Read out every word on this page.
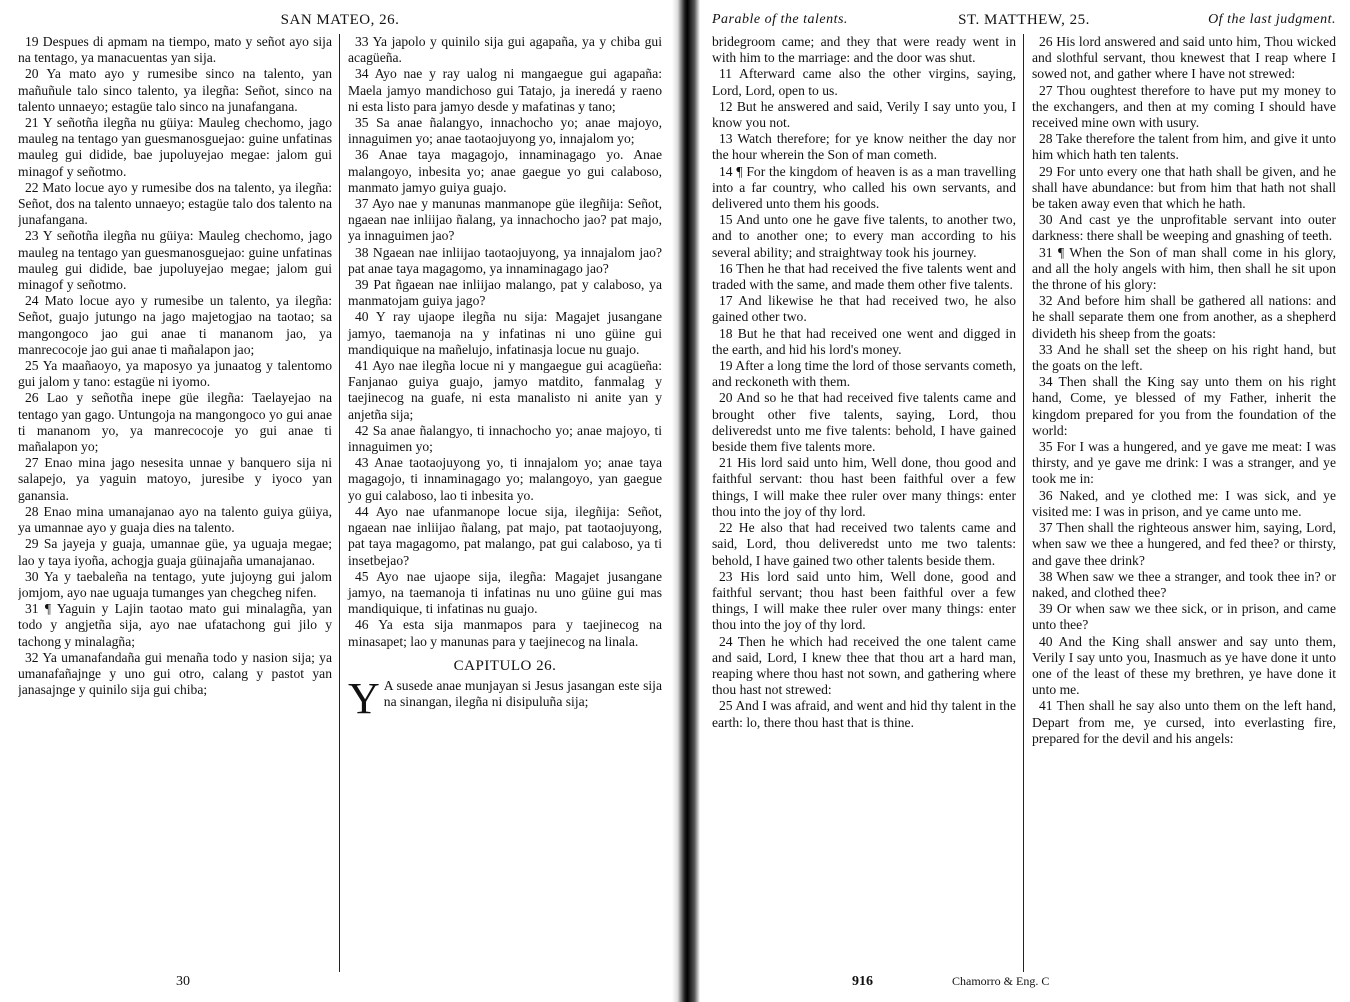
SAN MATEO, 26.

19 Despues di apmam na tiempo, mato y señot ayo sija na tentago, ya manacuentas yan sija.

20 Ya mato ayo y rumesibe sinco na talento, yan mañuñule talo sinco talento, ya ilegña: Señot, sinco na talento unnaeyo; estagüe talo sinco na junafangana.

21 Y señotña ilegña nu güiya: Mauleg chechomo, jago mauleg na tentago yan guesmanosguejao: guine unfatinas mauleg gui didide, bae jupoluyejao megae: jalom gui minagof y señotmo.

22 Mato locue ayo y rumesibe dos na talento, ya ilegña: Señot, dos na talento unnaeyo; estagüe talo dos talento na junafangana.

23 Y señotña ilegña nu güiya: Mauleg chechomo, jago mauleg na tentago yan guesmanosguejao: guine unfatinas mauleg gui didide, bae jupoluyejao megae; jalom gui minagof y señotmo.

24 Mato locue ayo y rumesibe un talento, ya ilegña: Señot, guajo jutungo na jago majetogjao na taotao; sa mangongoco jao gui anae ti mananom jao, ya manrecocoje jao gui anae ti mañalapon jao;

25 Ya maañaoyo, ya maposyo ya junaatog y talentomo gui jalom y tano: estagüe ni iyomo.

26 Lao y señotña inepe güe ilegña: Taelayejao na tentago yan gago. Untungoja na mangongoco yo gui anae ti mananom yo, ya manrecocoje yo gui anae ti mañalapon yo;

27 Enao mina jago nesesita unnae y banquero sija ni salapejo, ya yaguin matoyo, juresibe y iyoco yan ganansia.

28 Enao mina umanajanao ayo na talento guiya güiya, ya umannae ayo y guaja dies na talento.

29 Sa jayeja y guaja, umannae güe, ya uguaja megae; lao y taya iyoña, achogja guaja güinajaña umanajanao.

30 Ya y taebaleña na tentago, yute jujoyng gui jalom jomjom, ayo nae uguaja tumanges yan chegcheg nifen.

31 ¶ Yaguin y Lajin taotao mato gui minalagña, yan todo y angjetña sija, ayo nae ufatachong gui jilo y tachong y minalagña;

32 Ya umanafandaña gui menaña todo y nasion sija; ya umanafañajnge y uno gui otro, calang y pastot yan janasajnge y quinilo sija gui chiba;

33 Ya japolo y quinilo sija gui agapaña, ya y chiba gui acagüeña.

34 Ayo nae y ray ualog ni mangaegue gui agapaña: Maela jamyo mandichoso gui Tatajo, ja ineredá y raeno ni esta listo para jamyo desde y mafatinas y tano;

35 Sa anae ñalangyo, innachocho yo; anae majoyo, innaguimen yo; anae taotaojuyong yo, innajalom yo;

36 Anae taya magagojo, innaminagago yo. Anae malangoyo, inbesita yo; anae gaegue yo gui calaboso, manmato jamyo guiya guajo.

37 Ayo nae y manunas manmanope güe ilegñija: Señot, ngaean nae inliijao ñalang, ya innachocho jao? pat majo, ya innaguimen jao?

38 Ngaean nae inliijao taotaojuyong, ya innajalom jao? pat anae taya magagomo, ya innaminagago jao?

39 Pat ñgaean nae inliijao malango, pat y calaboso, ya manmatojam guiya jago?

40 Y ray ujaope ilegña nu sija: Magajet jusangane jamyo, taemanoja na y infatinas ni uno güine gui mandiquique na mañelujo, infatinasja locue nu guajo.

41 Ayo nae ilegña locue ni y mangaegue gui acagüeña: Fanjanao guiya guajo, jamyo matdito, fanmalag y taejinecog na guafe, ni esta manalisto ni anite yan y anjetña sija;

42 Sa anae ñalangyo, ti innachocho yo; anae majoyo, ti innaguimen yo;

43 Anae taotaojuyong yo, ti innajalom yo; anae taya magagojo, ti innaminagago yo; malangoyo, yan gaegue yo gui calaboso, lao ti inbesita yo.

44 Ayo nae ufanmanope locue sija, ilegñija: Señot, ngaean nae inliijao ñalang, pat majo, pat taotaojuyong, pat taya magagomo, pat malango, pat gui calaboso, ya ti insetbejao?

45 Ayo nae ujaope sija, ilegña: Magajet jusangane jamyo, na taemanoja ti infatinas nu uno güine gui mas mandiquique, ti infatinas nu guajo.

46 Ya esta sija manmapos para y taejinecog na minasapet; lao y manunas para y taejinecog na linala.

CAPITULO 26.

Y A susede anae munjayan si Jesus jasangan este sija na sinangan, ilegña ni disipuluña sija;

30
Parable of the talents.	ST. MATTHEW, 25.	Of the last judgment.

bridegroom came; and they that were ready went in with him to the marriage: and the door was shut.

11 Afterward came also the other virgins, saying, Lord, Lord, open to us.

12 But he answered and said, Verily I say unto you, I know you not.

13 Watch therefore; for ye know neither the day nor the hour wherein the Son of man cometh.

14 ¶ For the kingdom of heaven is as a man travelling into a far country, who called his own servants, and delivered unto them his goods.

15 And unto one he gave five talents, to another two, and to another one; to every man according to his several ability; and straightway took his journey.

16 Then he that had received the five talents went and traded with the same, and made them other five talents.

17 And likewise he that had received two, he also gained other two.

18 But he that had received one went and digged in the earth, and hid his lord's money.

19 After a long time the lord of those servants cometh, and reckoneth with them.

20 And so he that had received five talents came and brought other five talents, saying, Lord, thou deliveredst unto me five talents: behold, I have gained beside them five talents more.

21 His lord said unto him, Well done, thou good and faithful servant: thou hast been faithful over a few things, I will make thee ruler over many things: enter thou into the joy of thy lord.

22 He also that had received two talents came and said, Lord, thou deliveredst unto me two talents: behold, I have gained two other talents beside them.

23 His lord said unto him, Well done, good and faithful servant; thou hast been faithful over a few things, I will make thee ruler over many things: enter thou into the joy of thy lord.

24 Then he which had received the one talent came and said, Lord, I knew thee that thou art a hard man, reaping where thou hast not sown, and gathering where thou hast not strewed:

25 And I was afraid, and went and hid thy talent in the earth: lo, there thou hast that is thine.

26 His lord answered and said unto him, Thou wicked and slothful servant, thou knewest that I reap where I sowed not, and gather where I have not strewed:

27 Thou oughtest therefore to have put my money to the exchangers, and then at my coming I should have received mine own with usury.

28 Take therefore the talent from him, and give it unto him which hath ten talents.

29 For unto every one that hath shall be given, and he shall have abundance: but from him that hath not shall be taken away even that which he hath.

30 And cast ye the unprofitable servant into outer darkness: there shall be weeping and gnashing of teeth.

31 ¶ When the Son of man shall come in his glory, and all the holy angels with him, then shall he sit upon the throne of his glory:

32 And before him shall be gathered all nations: and he shall separate them one from another, as a shepherd divideth his sheep from the goats:

33 And he shall set the sheep on his right hand, but the goats on the left.

34 Then shall the King say unto them on his right hand, Come, ye blessed of my Father, inherit the kingdom prepared for you from the foundation of the world:

35 For I was a hungered, and ye gave me meat: I was thirsty, and ye gave me drink: I was a stranger, and ye took me in:

36 Naked, and ye clothed me: I was sick, and ye visited me: I was in prison, and ye came unto me.

37 Then shall the righteous answer him, saying, Lord, when saw we thee a hungered, and fed thee? or thirsty, and gave thee drink?

38 When saw we thee a stranger, and took thee in? or naked, and clothed thee?

39 Or when saw we thee sick, or in prison, and came unto thee?

40 And the King shall answer and say unto them, Verily I say unto you, Inasmuch as ye have done it unto one of the least of these my brethren, ye have done it unto me.

41 Then shall he say also unto them on the left hand, Depart from me, ye cursed, into everlasting fire, prepared for the devil and his angels:

916	Chamorro & Eng. C
